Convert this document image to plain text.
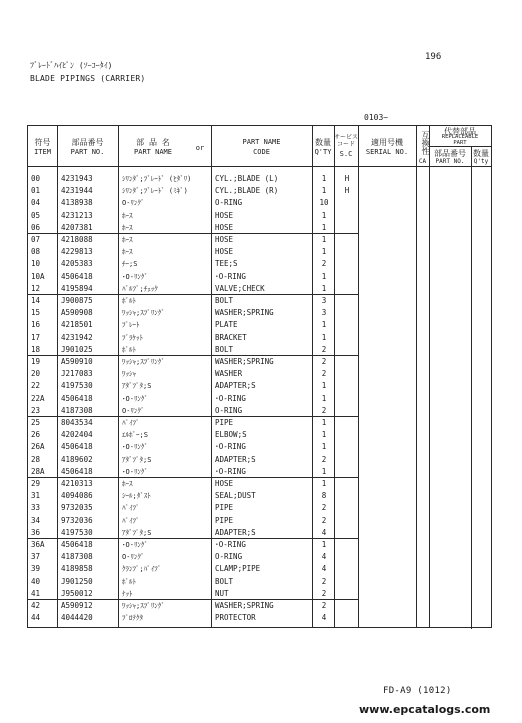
196
ﾌﾞﾚｰﾄﾞﾊｲﾋﾟﾝ (ｿｰｺｰﾀｲ)
BLADE PIPINGS (CARRIER)
0103~
符号
ITEM
部品番号
PART NO.
部 品 名
PART NAME	or
PART NAME
CODE
数量
Q'TY
サービス
コード
S.C
適用号機
SERIAL NO.	互換性
CA
代替部品
REPLACEABLE
PART
部品番号
PART NO.
数量
Q'ty
00	4231943	ｼﾘﾝﾀﾞ;ﾌﾞﾚｰﾄﾞ (ﾋﾀﾞﾘ)	CYL.;BLADE (L)	1	H
01	4231944	ｼﾘﾝﾀﾞ;ﾌﾞﾚｰﾄﾞ (ﾐｷﾞ)	CYL.;BLADE (R)	1	H
04	4138938	O-ﾘﾝｸﾞ	O-RING	10
05	4231213	ﾎｰｽ	HOSE	1
06	4207381	ﾎｰｽ	HOSE	1
07	4218088	ﾎｰｽ	HOSE	1
08	4229813	ﾎｰｽ	HOSE	1
10	4205383	ﾁｰ;S	TEE;S	2
10A 4506418	･O-ﾘﾝｸﾞ	･O-RING	1
12	4195894	ﾊﾞﾙﾌﾞ;ﾁｪｯｸ	VALVE;CHECK	1
14	J900875	ﾎﾞﾙﾄ	BOLT	3
15	A590908	ﾜｯｼｬ;ｽﾌﾟﾘﾝｸﾞ	WASHER;SPRING	3
16	4218501	ﾌﾟﾚｰﾄ	PLATE	1
17	4231942	ﾌﾞﾗｹｯﾄ	BRACKET	1
18	J901025	ﾎﾞﾙﾄ	BOLT	2
19	A590910	ﾜｯｼｬ;ｽﾌﾟﾘﾝｸﾞ	WASHER;SPRING	2
20	J217083	ﾜｯｼｬ	WASHER	2
22	4197530	ｱﾀﾞﾌﾟﾀ;S	ADAPTER;S	1
22A 4506418	･O-ﾘﾝｸﾞ	･O-RING	1
23	4187308	O-ﾘﾝｸﾞ	O-RING	2
25	8043534	ﾊﾟｲﾌﾟ	PIPE	1
26	4202404	ｴﾙﾎﾞｰ;S	ELBOW;S	1
26A 4506418	･O-ﾘﾝｸﾞ	･O-RING	1
28	4189602	ｱﾀﾞﾌﾟﾀ;S	ADAPTER;S	2
28A 4506418	･O-ﾘﾝｸﾞ	･O-RING	1
29	4210313	ﾎｰｽ	HOSE	1
31	4094086	ｼｰﾙ;ﾀﾞｽﾄ	SEAL;DUST	8
33	9732035	ﾊﾟｲﾌﾟ	PIPE	2
34	9732036	ﾊﾟｲﾌﾟ	PIPE	2
36	4197530	ｱﾀﾞﾌﾟﾀ;S	ADAPTER;S	4
36A 4506418	･O-ﾘﾝｸﾞ	･O-RING	1
37	4187308	O-ﾘﾝｸﾞ	O-RING	4
39	4189858	ｸﾗﾝﾌﾟ;ﾊﾟｲﾌﾟ	CLAMP;PIPE	4
40	J901250	ﾎﾞﾙﾄ	BOLT	2
41	J950012	ﾅｯﾄ	NUT	2
42	A590912	ﾜｯｼｬ;ｽﾌﾟﾘﾝｸﾞ	WASHER;SPRING	2
44	4044420	ﾌﾟﾛﾃｸﾀ	PROTECTOR	4
FD-A9 (1012)
www.epcatalogs.com
